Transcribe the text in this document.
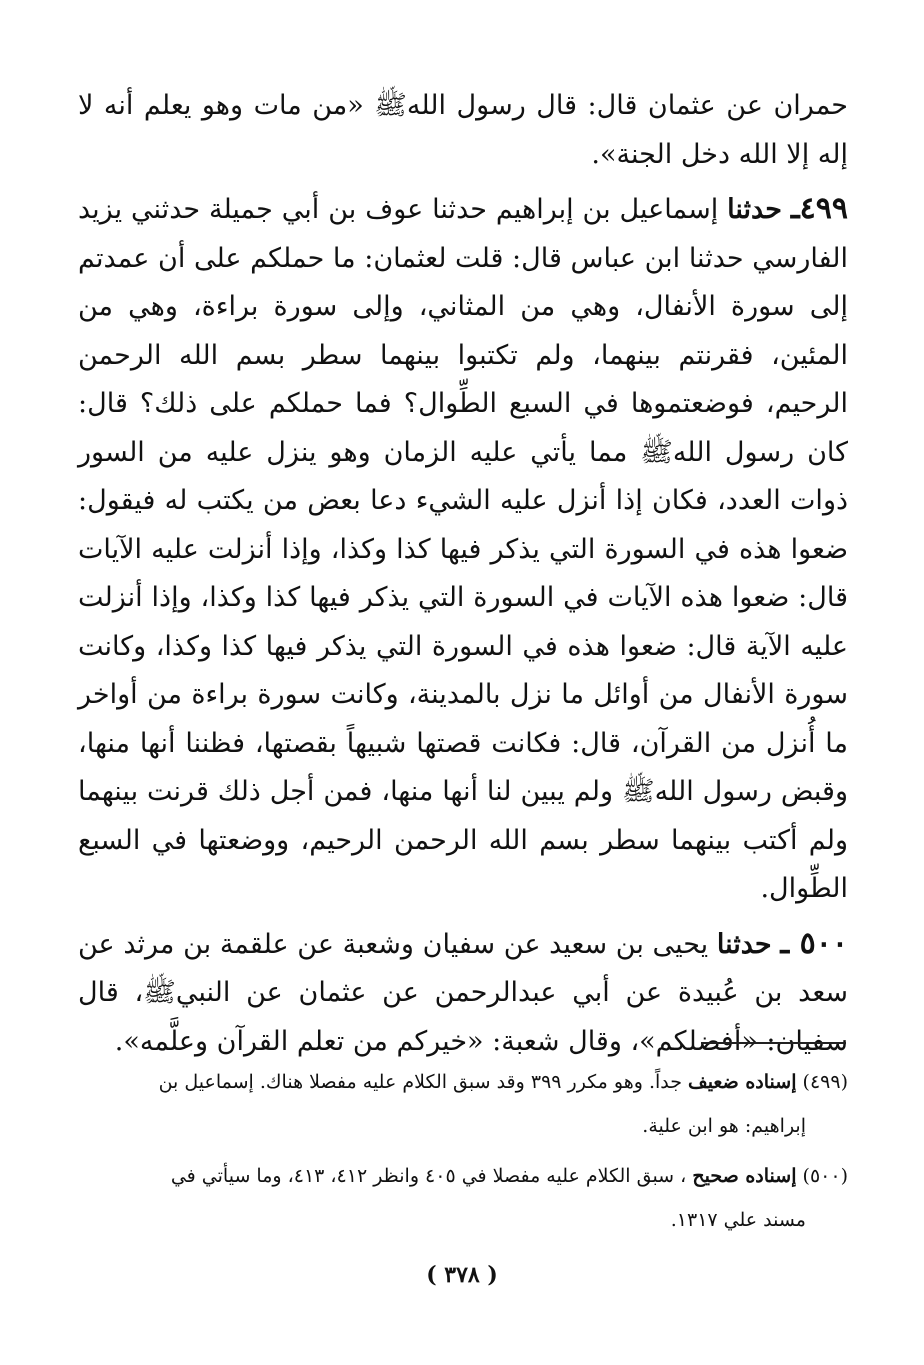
حمران عن عثمان قال: قال رسول اللهﷺ «من مات وهو يعلم أنه لا إله إلا الله دخل الجنة».

٤٩٩ـ حدثنا إسماعيل بن إبراهيم حدثنا عوف بن أبي جميلة حدثني يزيد الفارسي حدثنا ابن عباس قال: قلت لعثمان: ما حملكم على أن عمدتم إلى سورة الأنفال، وهي من المثاني، وإلى سورة براءة، وهي من المئين، فقرنتم بينهما، ولم تكتبوا بينهما سطر بسم الله الرحمن الرحيم، فوضعتموها في السبع الطِّوال؟ فما حملكم على ذلك؟ قال: كان رسول اللهﷺ مما يأتي عليه الزمان وهو ينزل عليه من السور ذوات العدد، فكان إذا أنزل عليه الشيء دعا بعض من يكتب له فيقول: ضعوا هذه في السورة التي يذكر فيها كذا وكذا، وإذا أنزلت عليه الآيات قال: ضعوا هذه الآيات في السورة التي يذكر فيها كذا وكذا، وإذا أنزلت عليه الآية قال: ضعوا هذه في السورة التي يذكر فيها كذا وكذا، وكانت سورة الأنفال من أوائل ما نزل بالمدينة، وكانت سورة براءة من أواخر ما أُنزل من القرآن، قال: فكانت قصتها شبيهاً بقصتها، فظننا أنها منها، وقبض رسول اللهﷺ ولم يبين لنا أنها منها، فمن أجل ذلك قرنت بينهما ولم أكتب بينهما سطر بسم الله الرحمن الرحيم، ووضعتها في السبع الطِّوال.

٥٠٠ ـ حدثنا يحيى بن سعيد عن سفيان وشعبة عن علقمة بن مرثد عن سعد بن عُبيدة عن أبي عبدالرحمن عن عثمان عن النبيﷺ، قال سفيان: «أفضلكم»، وقال شعبة: «خيركم من تعلم القرآن وعلَّمه».

(٤٩٩) إسناده ضعيف جداً. وهو مكرر ٣٩٩ وقد سبق الكلام عليه مفصلا هناك. إسماعيل بن
إبراهيم: هو ابن علية.

(٥٠٠) إسناده صحيح ، سبق الكلام عليه مفصلا في ٤٠٥ وانظر ٤١٢، ٤١٣، وما سيأتي في
مسند علي ١٣١٧.

( ٣٧٨ )
